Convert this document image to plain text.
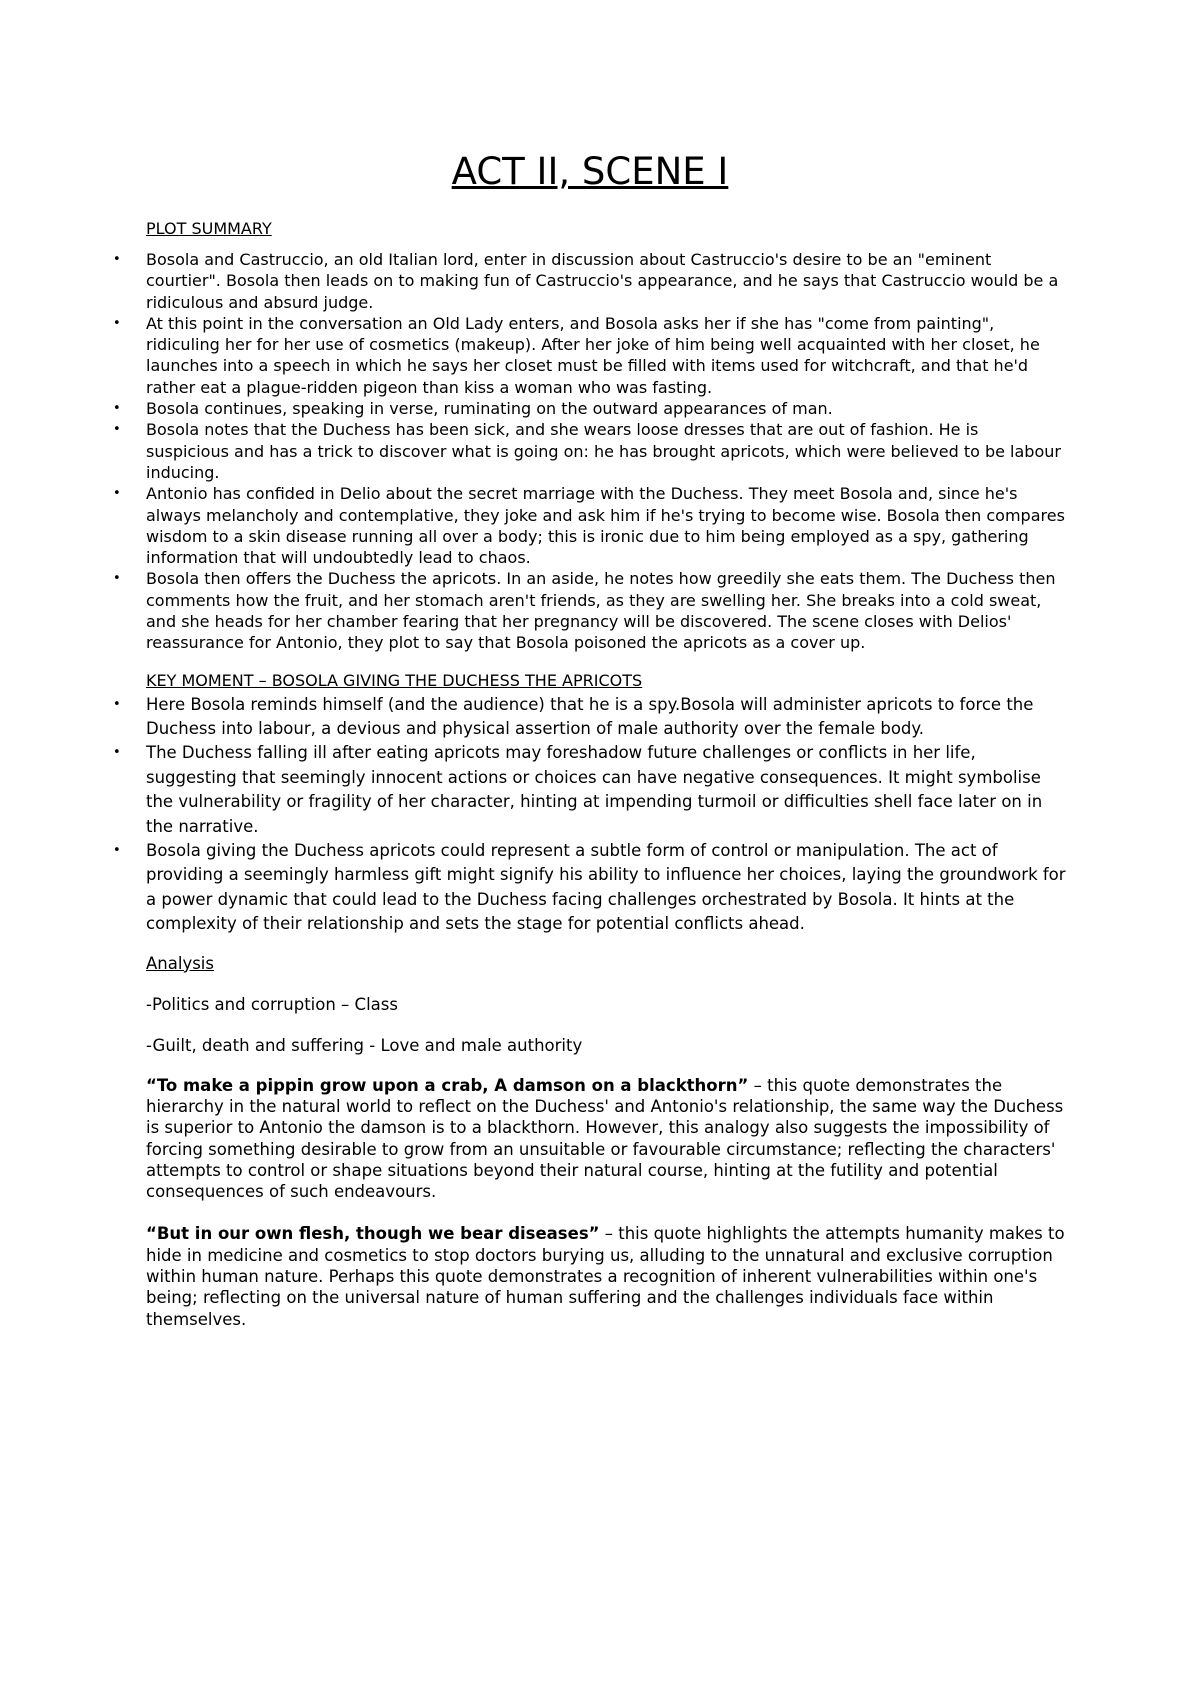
ACT II, SCENE I
PLOT SUMMARY
• Bosola and Castruccio, an old Italian lord, enter in discussion about Castruccio's desire to be an "eminent courtier". Bosola then leads on to making fun of Castruccio's appearance, and he says that Castruccio would be a ridiculous and absurd judge.
• At this point in the conversation an Old Lady enters, and Bosola asks her if she has "come from painting", ridiculing her for her use of cosmetics (makeup). After her joke of him being well acquainted with her closet, he launches into a speech in which he says her closet must be filled with items used for witchcraft, and that he'd rather eat a plague-ridden pigeon than kiss a woman who was fasting.
• Bosola continues, speaking in verse, ruminating on the outward appearances of man.
• Bosola notes that the Duchess has been sick, and she wears loose dresses that are out of fashion. He is suspicious and has a trick to discover what is going on: he has brought apricots, which were believed to be labour inducing.
• Antonio has confided in Delio about the secret marriage with the Duchess. They meet Bosola and, since he's always melancholy and contemplative, they joke and ask him if he's trying to become wise. Bosola then compares wisdom to a skin disease running all over a body; this is ironic due to him being employed as a spy, gathering information that will undoubtedly lead to chaos.
• Bosola then offers the Duchess the apricots. In an aside, he notes how greedily she eats them. The Duchess then comments how the fruit, and her stomach aren't friends, as they are swelling her. She breaks into a cold sweat, and she heads for her chamber fearing that her pregnancy will be discovered. The scene closes with Delios' reassurance for Antonio, they plot to say that Bosola poisoned the apricots as a cover up.
KEY MOMENT – BOSOLA GIVING THE DUCHESS THE APRICOTS
• Here Bosola reminds himself (and the audience) that he is a spy.Bosola will administer apricots to force the Duchess into labour, a devious and physical assertion of male authority over the female body.
• The Duchess falling ill after eating apricots may foreshadow future challenges or conflicts in her life, suggesting that seemingly innocent actions or choices can have negative consequences. It might symbolise the vulnerability or fragility of her character, hinting at impending turmoil or difficulties shell face later on in the narrative.
• Bosola giving the Duchess apricots could represent a subtle form of control or manipulation. The act of providing a seemingly harmless gift might signify his ability to influence her choices, laying the groundwork for a power dynamic that could lead to the Duchess facing challenges orchestrated by Bosola. It hints at the complexity of their relationship and sets the stage for potential conflicts ahead.
Analysis

-Politics and corruption – Class

-Guilt, death and suffering - Love and male authority

“To make a pippin grow upon a crab, A damson on a blackthorn” – this quote demonstrates the hierarchy in the natural world to reflect on the Duchess' and Antonio's relationship, the same way the Duchess is superior to Antonio the damson is to a blackthorn. However, this analogy also suggests the impossibility of forcing something desirable to grow from an unsuitable or favourable circumstance; reflecting the characters' attempts to control or shape situations beyond their natural course, hinting at the futility and potential consequences of such endeavours.

“But in our own flesh, though we bear diseases” – this quote highlights the attempts humanity makes to hide in medicine and cosmetics to stop doctors burying us, alluding to the unnatural and exclusive corruption within human nature. Perhaps this quote demonstrates a recognition of inherent vulnerabilities within one's being; reflecting on the universal nature of human suffering and the challenges individuals face within themselves.
